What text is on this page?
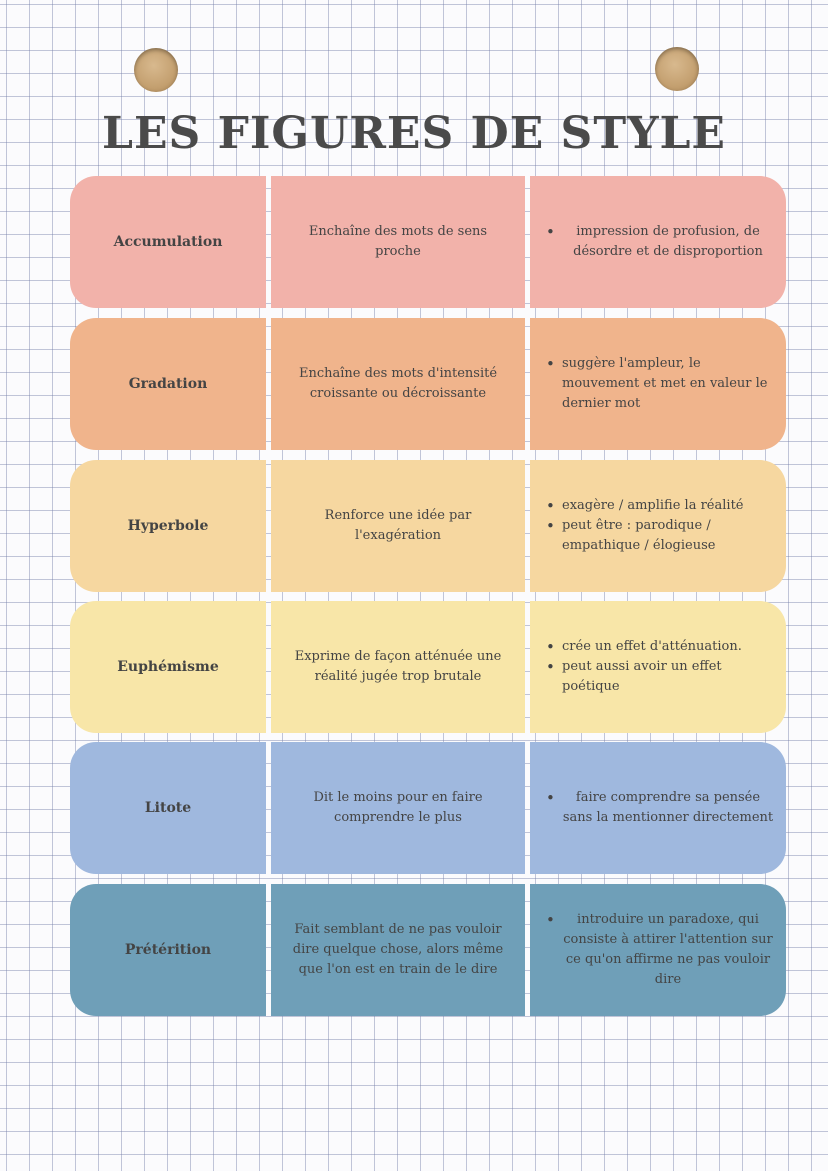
LES FIGURES DE STYLE
Accumulation
Enchaîne des mots de sens proche
• impression de profusion, de désordre et de disproportion
Gradation
Enchaîne des mots d'intensité croissante ou décroissante
• suggère l'ampleur, le mouvement et met en valeur le dernier mot
Hyperbole
Renforce une idée par l'exagération
• exagère / amplifie la réalité
• peut être : parodique / empathique / élogieuse
Euphémisme
Exprime de façon atténuée une réalité jugée trop brutale
• crée un effet d'atténuation.
• peut aussi avoir un effet poétique
Litote
Dit le moins pour en faire comprendre le plus
• faire comprendre sa pensée sans la mentionner directement
Prétérition
Fait semblant de ne pas vouloir dire quelque chose, alors même que l'on est en train de le dire
• introduire un paradoxe, qui consiste à attirer l'attention sur ce qu'on affirme ne pas vouloir dire
